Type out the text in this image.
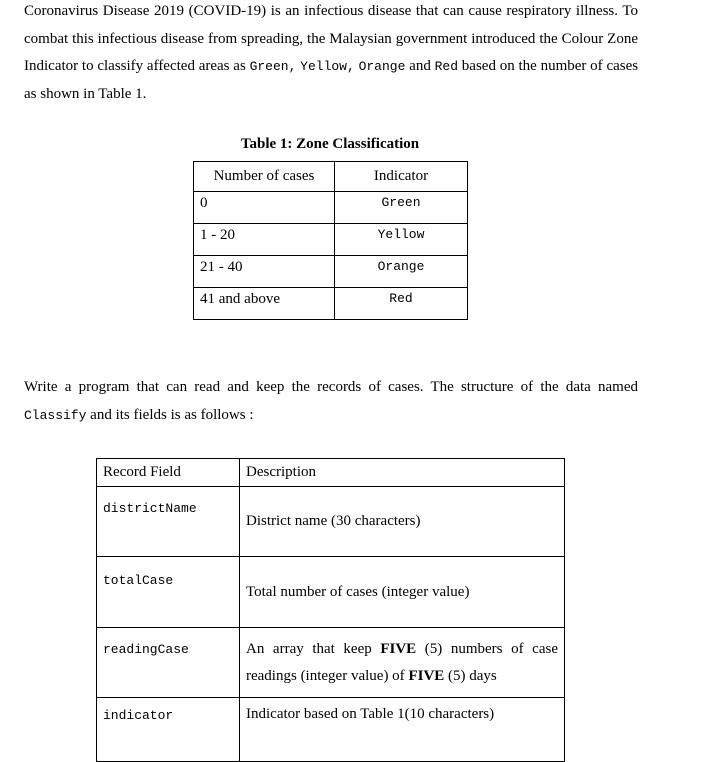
Coronavirus Disease 2019 (COVID-19) is an infectious disease that can cause respiratory illness. To combat this infectious disease from spreading, the Malaysian government introduced the Colour Zone Indicator to classify affected areas as Green, Yellow, Orange and Red based on the number of cases as shown in Table 1.
Table 1: Zone Classification
Number of cases	Indicator
0	Green
1 - 20	Yellow
21 - 40	Orange
41 and above	Red
Write a program that can read and keep the records of cases. The structure of the data named Classify and its fields is as follows :
Record Field	Description
districtName	District name (30 characters)
totalCase	Total number of cases (integer value)
readingCase	An array that keep FIVE (5) numbers of case readings (integer value) of FIVE (5) days
indicator	Indicator based on Table 1(10 characters)
